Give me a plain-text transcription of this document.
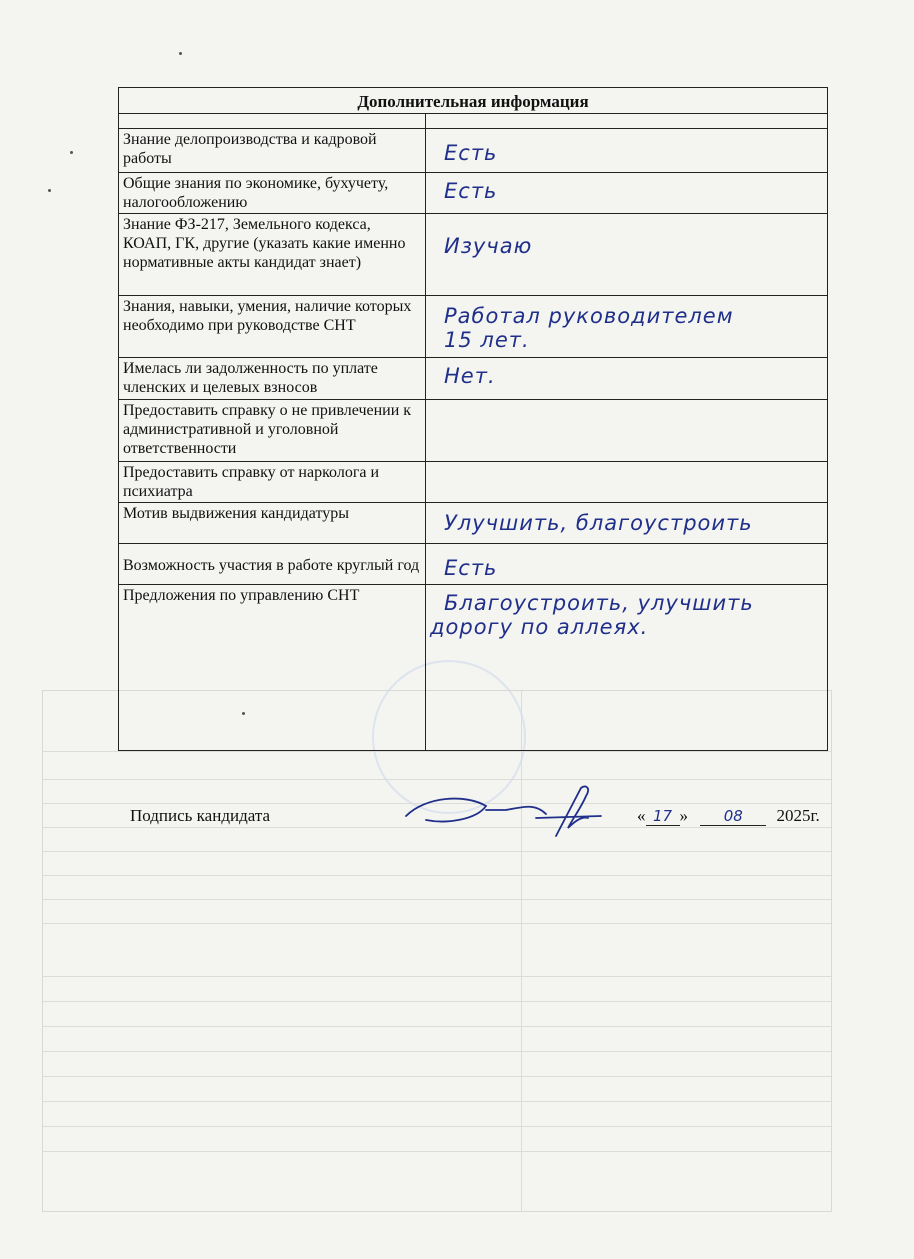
Дополнительная информация	

Знание делопроизводства и кадровой работы	Есть

Общие знания по экономике, бухучету, налогообложению	Есть

Знание ФЗ-217, Земельного кодекса, КОАП, ГК, другие (указать какие именно нормативные акты кандидат знает)	Изучаю

Знания, навыки, умения, наличие которых необходимо при руководстве СНТ	Работал руководителем
15 лет.

Имелась ли задолженность по уплате членских и целевых взносов	Нет.

Предоставить справку о не привлечении к административной и уголовной ответственности	
Предоставить справку от нарколога и психиатра	
Мотив выдвижения кандидатуры	Улучшить, благоустроить

Возможность участия в работе круглый год	Есть

Предложения по управлению СНТ	Благоустроить, улучшить
дорогу по аллеях.
Подпись кандидата	« 17 » 08 2025г.
